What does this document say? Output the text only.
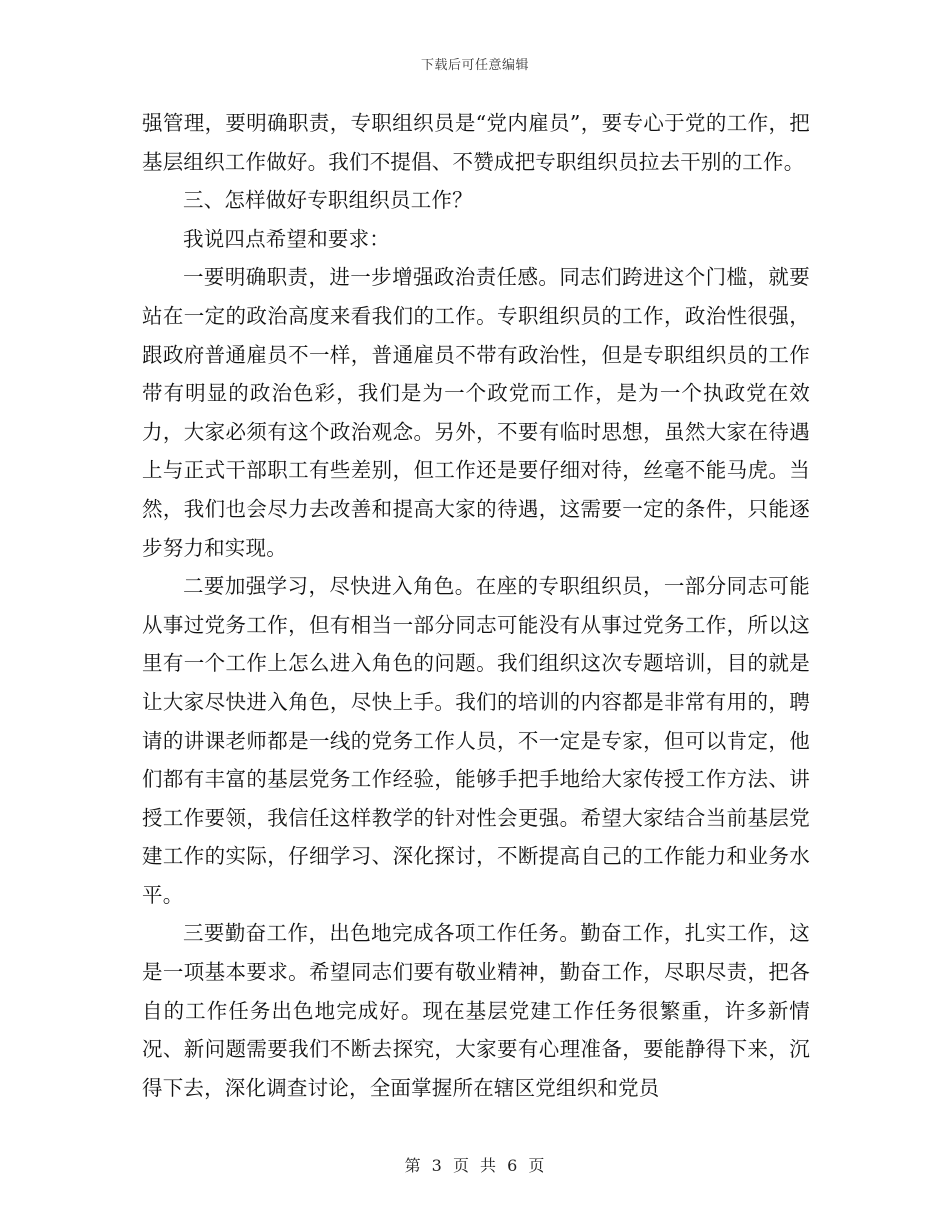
下载后可任意编辑

强管理，要明确职责，专职组织员是“党内雇员”，要专心于党的工作，把基层组织工作做好。我们不提倡、不赞成把专职组织员拉去干别的工作。

三、怎样做好专职组织员工作？

我说四点希望和要求：

一要明确职责，进一步增强政治责任感。同志们跨进这个门槛，就要站在一定的政治高度来看我们的工作。专职组织员的工作，政治性很强，跟政府普通雇员不一样，普通雇员不带有政治性，但是专职组织员的工作带有明显的政治色彩，我们是为一个政党而工作，是为一个执政党在效力，大家必须有这个政治观念。另外，不要有临时思想，虽然大家在待遇上与正式干部职工有些差别，但工作还是要仔细对待，丝毫不能马虎。当然，我们也会尽力去改善和提高大家的待遇，这需要一定的条件，只能逐步努力和实现。

二要加强学习，尽快进入角色。在座的专职组织员，一部分同志可能从事过党务工作，但有相当一部分同志可能没有从事过党务工作，所以这里有一个工作上怎么进入角色的问题。我们组织这次专题培训，目的就是让大家尽快进入角色，尽快上手。我们的培训的内容都是非常有用的，聘请的讲课老师都是一线的党务工作人员，不一定是专家，但可以肯定，他们都有丰富的基层党务工作经验，能够手把手地给大家传授工作方法、讲授工作要领，我信任这样教学的针对性会更强。希望大家结合当前基层党建工作的实际，仔细学习、深化探讨，不断提高自己的工作能力和业务水平。

三要勤奋工作，出色地完成各项工作任务。勤奋工作，扎实工作，这是一项基本要求。希望同志们要有敬业精神，勤奋工作，尽职尽责，把各自的工作任务出色地完成好。现在基层党建工作任务很繁重，许多新情况、新问题需要我们不断去探究，大家要有心理准备，要能静得下来，沉得下去，深化调查讨论，全面掌握所在辖区党组织和党员

第 3 页 共 6 页
